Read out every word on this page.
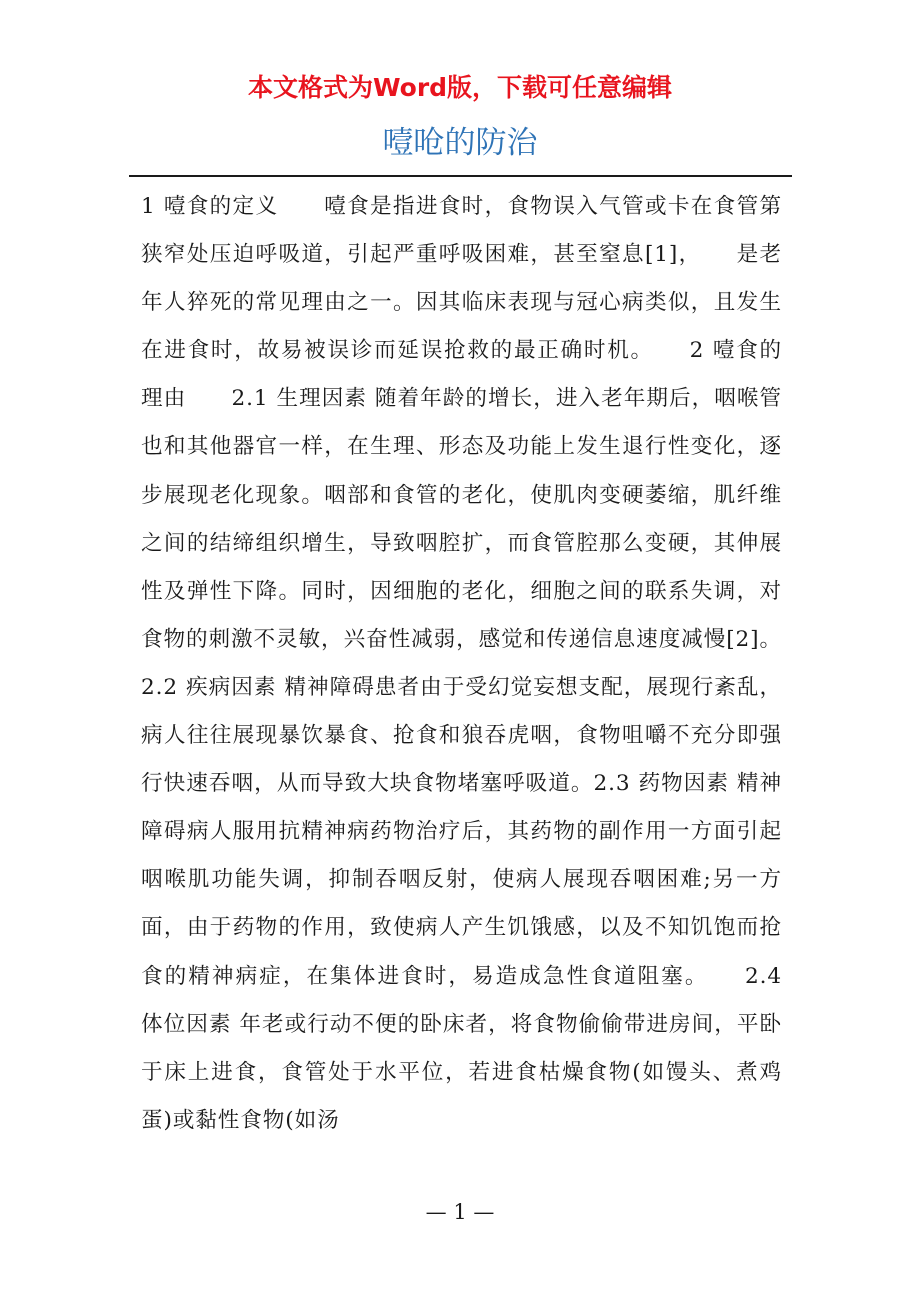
本文格式为Word版，下载可任意编辑
噎呛的防治
1 噎食的定义　　噎食是指进食时，食物误入气管或卡在食管第狭窄处压迫呼吸道，引起严重呼吸困难，甚至窒息[1]，　　是老年人猝死的常见理由之一。因其临床表现与冠心病类似，且发生在进食时，故易被误诊而延误抢救的最正确时机。　　2 噎食的理由　　2.1 生理因素 随着年龄的增长，进入老年期后，咽喉管也和其他器官一样，在生理、形态及功能上发生退行性变化，逐步展现老化现象。咽部和食管的老化，使肌肉变硬萎缩，肌纤维之间的结缔组织增生，导致咽腔扩，而食管腔那么变硬，其伸展性及弹性下降。同时，因细胞的老化，细胞之间的联系失调，对食物的刺激不灵敏，兴奋性减弱，感觉和传递信息速度减慢[2]。2.2 疾病因素 精神障碍患者由于受幻觉妄想支配，展现行紊乱，病人往往展现暴饮暴食、抢食和狼吞虎咽，食物咀嚼不充分即强行快速吞咽，从而导致大块食物堵塞呼吸道。2.3 药物因素 精神障碍病人服用抗精神病药物治疗后，其药物的副作用一方面引起咽喉肌功能失调，抑制吞咽反射，使病人展现吞咽困难;另一方面，由于药物的作用，致使病人产生饥饿感，以及不知饥饱而抢食的精神病症，在集体进食时，易造成急性食道阻塞。　　2.4 体位因素 年老或行动不便的卧床者，将食物偷偷带进房间，平卧于床上进食，食管处于水平位，若进食枯燥食物(如馒头、煮鸡蛋)或黏性食物(如汤
— 1 —
